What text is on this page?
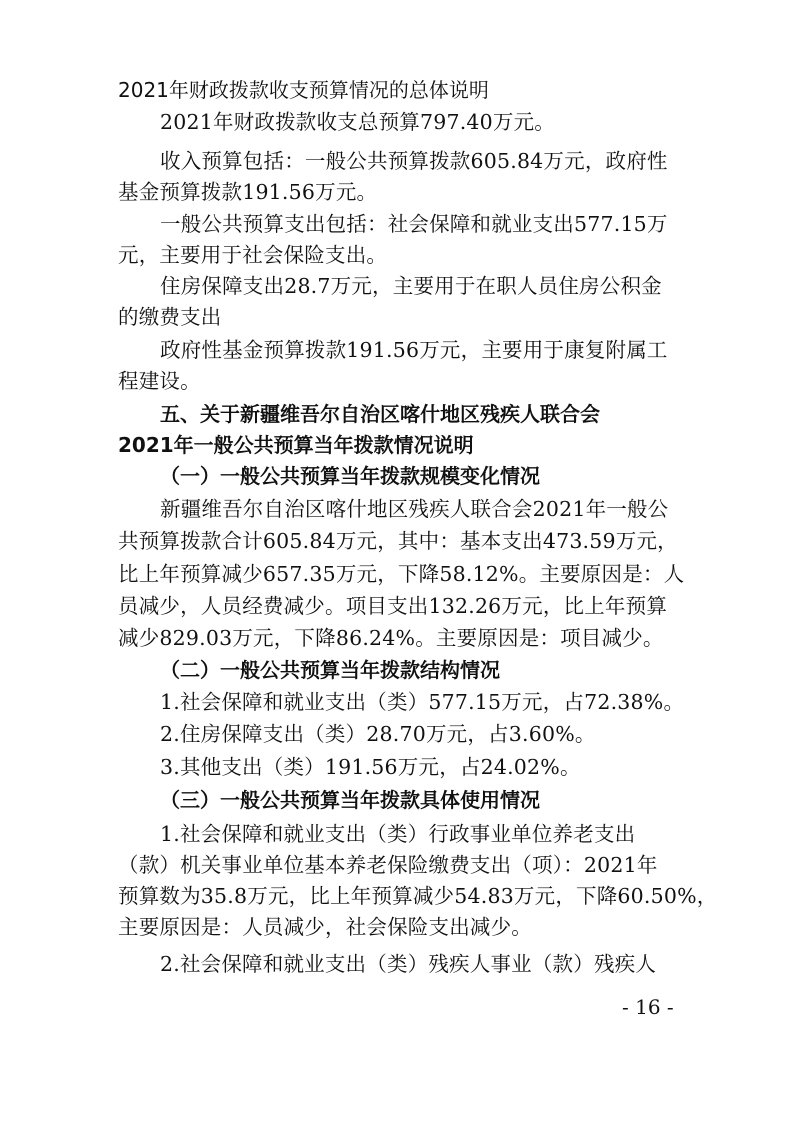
2021年财政拨款收支预算情况的总体说明
2021年财政拨款收支总预算797.40万元。
收入预算包括：一般公共预算拨款605.84万元，政府性
基金预算拨款191.56万元。
一般公共预算支出包括：社会保障和就业支出577.15万
元，主要用于社会保险支出。
住房保障支出28.7万元，主要用于在职人员住房公积金
的缴费支出
政府性基金预算拨款191.56万元，主要用于康复附属工
程建设。
五、关于新疆维吾尔自治区喀什地区残疾人联合会
2021年一般公共预算当年拨款情况说明
（一）一般公共预算当年拨款规模变化情况
新疆维吾尔自治区喀什地区残疾人联合会2021年一般公
共预算拨款合计605.84万元，其中：基本支出473.59万元，
比上年预算减少657.35万元，下降58.12%。主要原因是：人
员减少，人员经费减少。项目支出132.26万元，比上年预算
减少829.03万元，下降86.24%。主要原因是：项目减少。
（二）一般公共预算当年拨款结构情况
1.社会保障和就业支出（类）577.15万元，占72.38%。
2.住房保障支出（类）28.70万元，占3.60%。
3.其他支出（类）191.56万元，占24.02%。
（三）一般公共预算当年拨款具体使用情况
1.社会保障和就业支出（类）行政事业单位养老支出
（款）机关事业单位基本养老保险缴费支出（项）：2021年
预算数为35.8万元，比上年预算减少54.83万元，下降60.50%，
主要原因是：人员减少，社会保险支出减少。
2.社会保障和就业支出（类）残疾人事业（款）残疾人
- 16 -
